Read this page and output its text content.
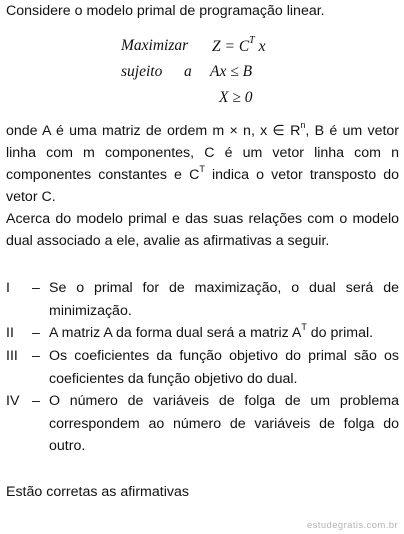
Considere o modelo primal de programação linear.
Maximizar $Z = C^T$ x
sujeito a Ax ≤ B
X ≥ 0
onde A é uma matriz de ordem m × n, x ∈ $R^n$, B é um vetor linha com m componentes, C é um vetor linha com n componentes constantes e $C^T$ indica o vetor transposto do vetor C.
Acerca do modelo primal e das suas relações com o modelo dual associado a ele, avalie as afirmativas a seguir.
I – Se o primal for de maximização, o dual será de minimização.
II – A matriz A da forma dual será a matriz $A^T$ do primal.
III – Os coeficientes da função objetivo do primal são os coeficientes da função objetivo do dual.
IV – O número de variáveis de folga de um problema correspondem ao número de variáveis de folga do outro.
Estão corretas as afirmativas
estudegratis.com.br
